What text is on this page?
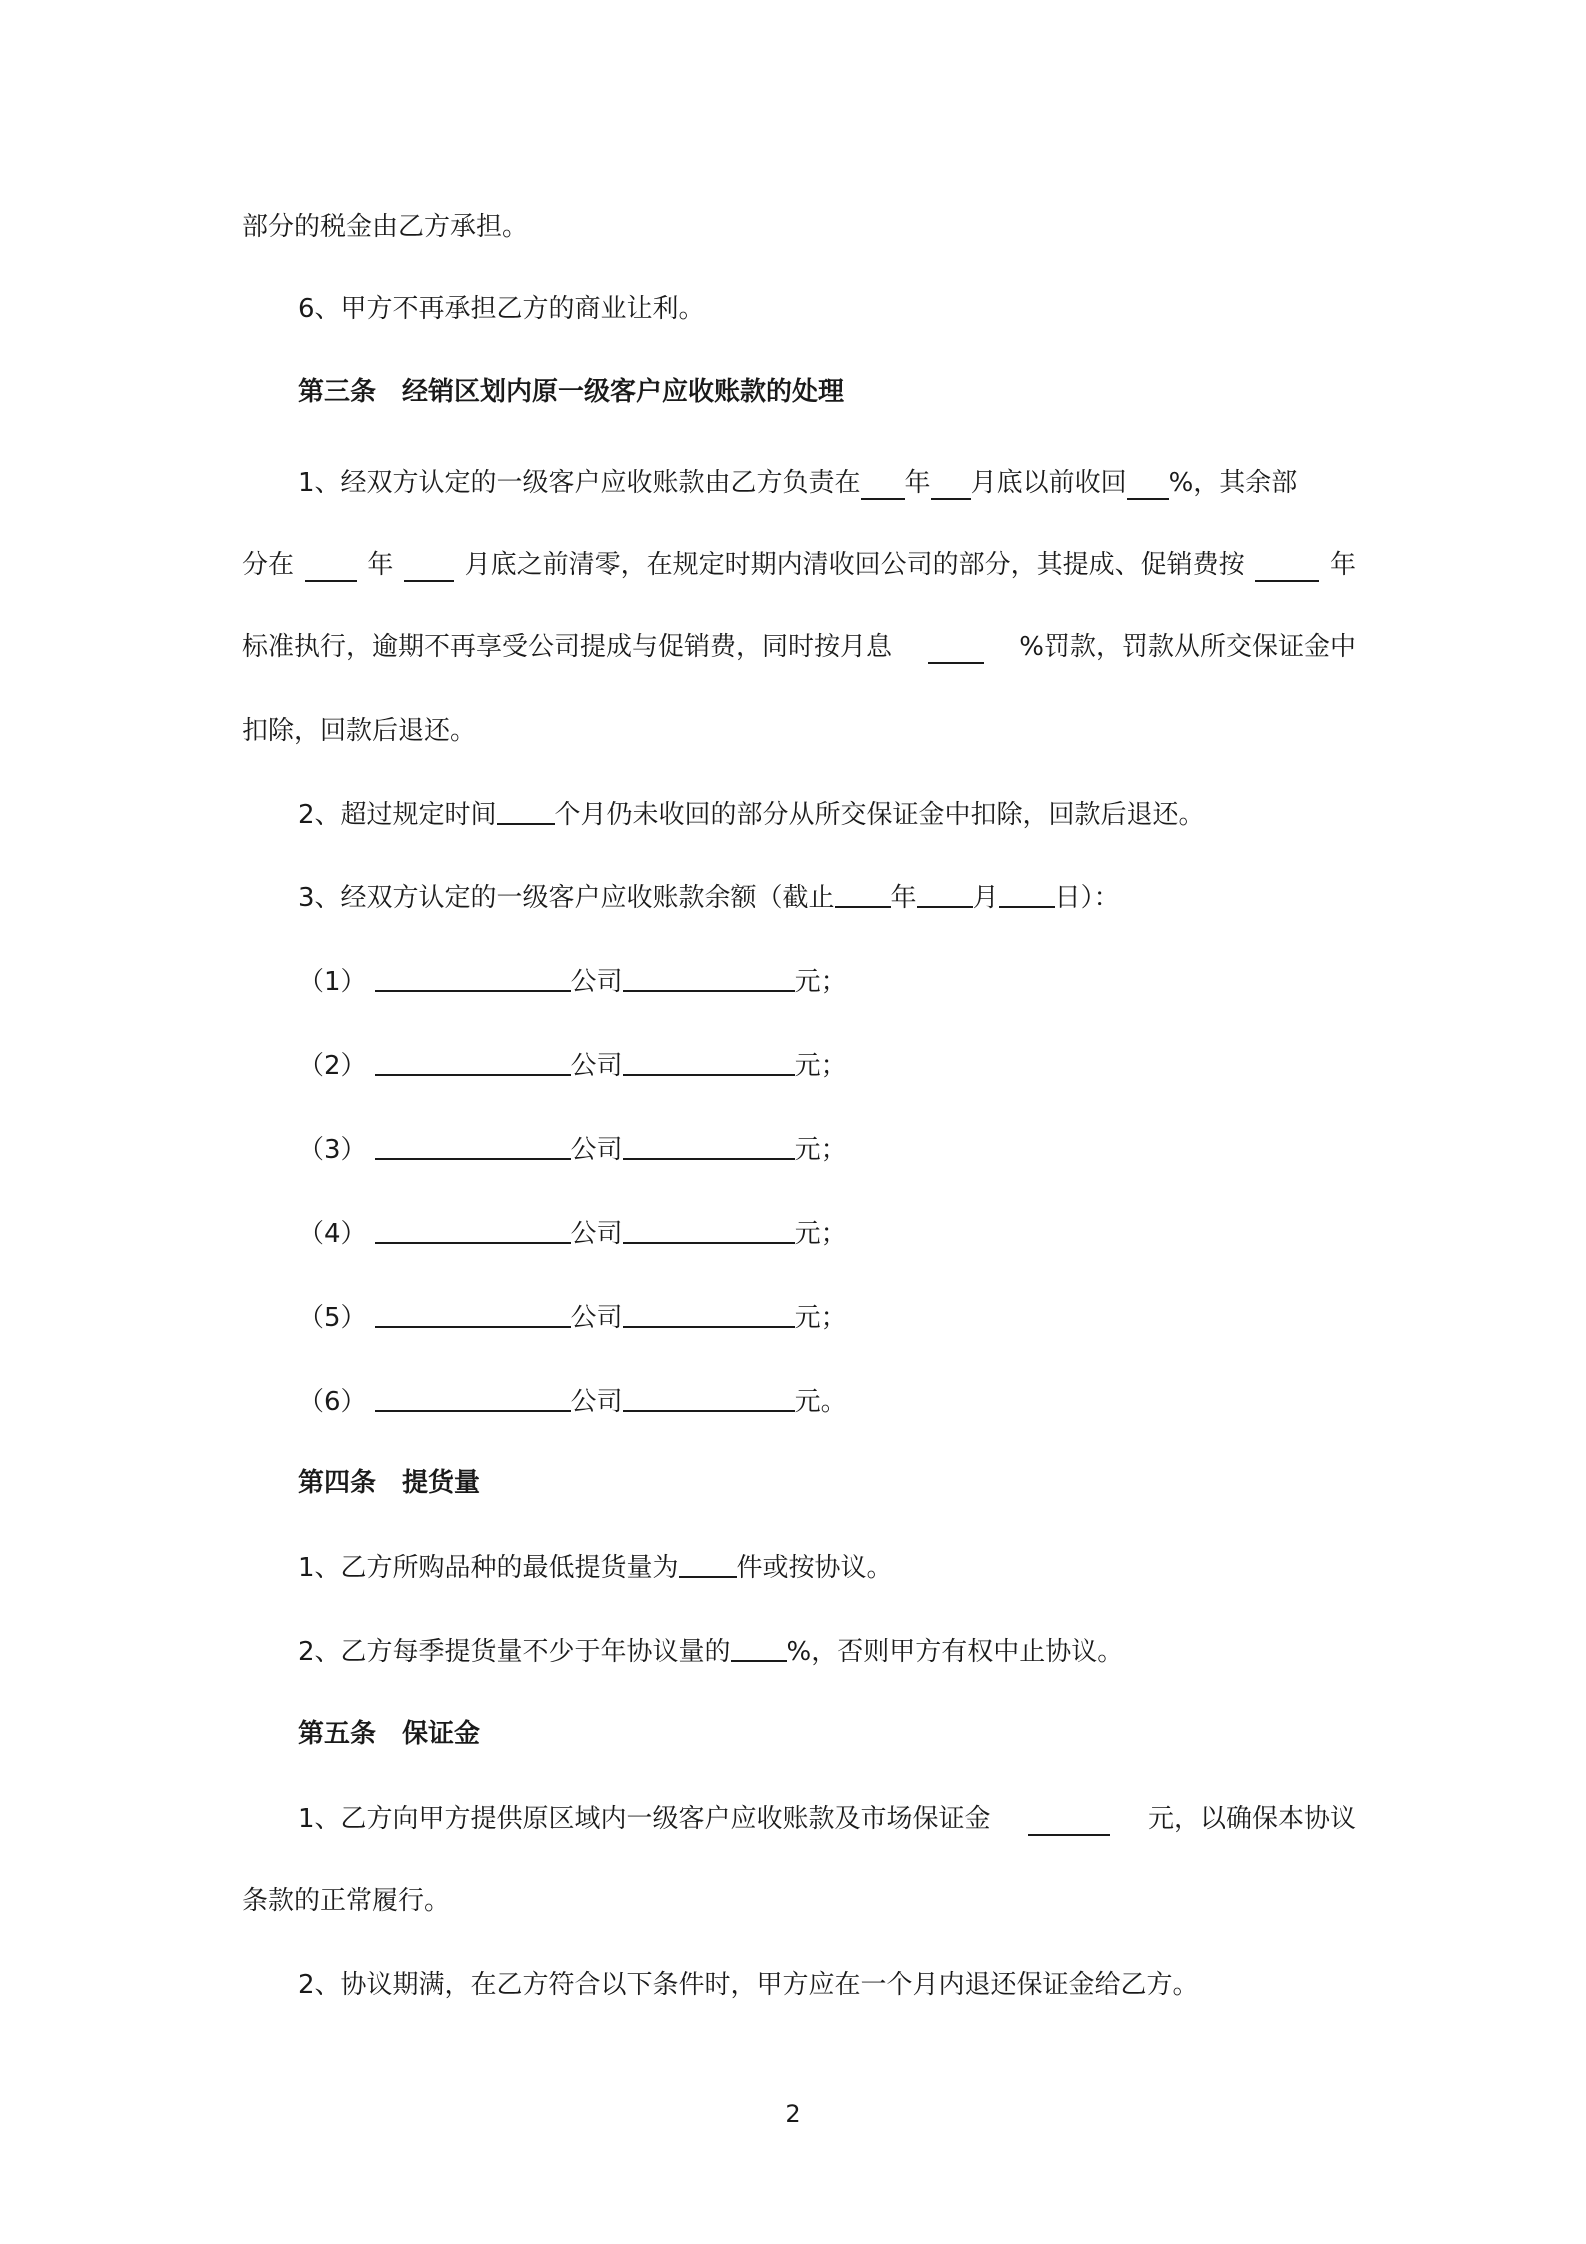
部分的税金由乙方承担。
6、甲方不再承担乙方的商业让利。
第三条　经销区划内原一级客户应收账款的处理
1、经双方认定的一级客户应收账款由乙方负责在 年 月底以前收回 %，其余部
分在	年	月底之前清零，在规定时期内清收回公司的部分，其提成、促销费按	年
标准执行，逾期不再享受公司提成与促销费，同时按月息	%罚款，罚款从所交保证金中
扣除，回款后退还。
2、超过规定时间 个月仍未收回的部分从所交保证金中扣除，回款后退还。
3、经双方认定的一级客户应收账款余额（截止 年 月 日）：
（1）	公司	元；
（2）	公司	元；
（3）	公司	元；
（4）	公司	元；
（5）	公司	元；
（6）	公司	元。
第四条　提货量
1、乙方所购品种的最低提货量为 件或按协议。
2、乙方每季提货量不少于年协议量的 %，否则甲方有权中止协议。
第五条　保证金
1、乙方向甲方提供原区域内一级客户应收账款及市场保证金	元，以确保本协议
条款的正常履行。
2、协议期满，在乙方符合以下条件时，甲方应在一个月内退还保证金给乙方。
2
